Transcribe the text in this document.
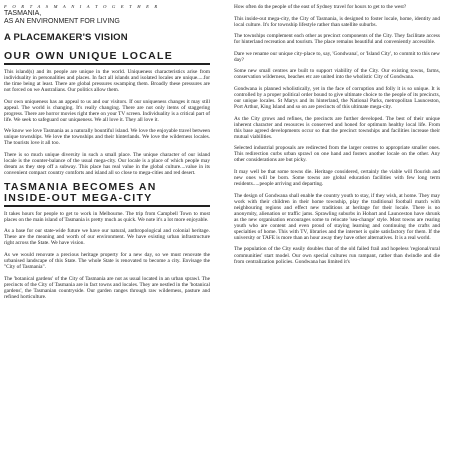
F O R T A S M A N I A T O G E T H E R

TASMANIA,

AS AN ENVIRONMENT FOR LIVING

A PLACEMAKER'S VISION
OUR OWN UNIQUE LOCALE

This island(s) and its people are unique in the world. Uniqueness characteristics arise from individuality in personalities and places. In fact all islands and isolated locales are unique.....for the time being at least. There are global pressures swamping them. Broadly these pressures are not forced on we Australians. Our politics allow them.

Our own uniqueness has an appeal to us and our visitors. If our uniqueness changes it may still appeal. The world is changing. It's really changing. There are not only items of staggering progress. There are horror movies right there on your TV screen. Individuality is a critical part of life. We seek to safeguard our uniqueness. We all love it. They all love it.

We know we love Tasmania as a naturally bountiful island. We love the enjoyable travel between unique townships. We love the townships and their hinterlands. We love the wilderness locales. The tourists love it all too.

There is so much unique diversity in such a small place. The unique character of our island locale is the counter-balance of the usual mega-city. Our locale is a place of which people may dream as they step off a subway. This place has real value in the global culture....value in its convenient compact country comforts and island all so close to mega-cities and red desert.

TASMANIA BECOMES AN
INSIDE-OUT MEGA-CITY

It takes hours for people to get to work in Melbourne. The trip from Campbell Town to most places on the main island of Tasmania is pretty much as quick. We note it's a lot more enjoyable.

As a base for our state-wide future we have our natural, anthropological and colonial heritage. These are the meaning and worth of our environment. We have existing urban infrastructure right across the State. We have vision.

As we would renovate a precious heritage property for a new day, so we must renovate the urbanised landscape of this State. The whole State is renovated to become a city. Envisage the "City of Tasmania".

The 'botanical gardens' of the City of Tasmania are not as usual located in an urban sprawl. The precincts of the City of Tasmania are in fact towns and locales. They are nestled in the 'botanical gardens', the Tasmanian countryside. Our garden ranges through raw wilderness, pasture and refined horticulture.

How often do the people of the east of Sydney travel for hours to get to the west?

This inside-out mega-city, the City of Tasmania, is designed to foster locale, home, identity and local culture. It's for township lifestyle rather than satellite suburbs.

The townships complement each other as precinct components of the City. They facilitate access for hinterland recreation and tourism. The place remains beautiful and conveniently accessible.

Dare we rename our unique city-place to, say, 'Gondwana', or 'Island City', to commit to this new day?

Some new small centres are built to support viability of the City. Our existing towns, farms, conservation wilderness, beaches etc are united into the wholistic City of Gondwana.

Gondwana is planned wholistically, yet in the face of corruption and folly it is so unique. It is controlled by a proper political order bound to give ultimate choice to the people of its precincts, our unique locales. St Marys and its hinterland, the National Parks, metropolitan Launceston, Port Arthur, King Island and so on are precincts of this ultimate mega-city.

As the City grows and refines, the precincts are further developed. The best of their unique inherent character and resources is conserved and honed for optimum healthy local life. From this base agreed developments occur so that the precinct townships and facilities increase their mutual viabilities.

Selected industrial proposals are redirected from the larger centres to appropriate smaller ones. This redirection curbs urban sprawl on one hand and fosters another locale on the other. Any other considerations are but picky.

It may well be that some towns die. Heritage considered, certainly the viable will flourish and new ones will be born. Some towns are global education facilities with few long term residents.....people arriving and departing.

The design of Gondwana shall enable the country youth to stay, if they wish, at home. They may work with their children in their home township, play the traditional football match with neighbouring regions and effect new traditions at heritage for their locale. There is no anonymity, alienation or traffic jams. Sprawling suburbs in Hobart and Launceston have shrunk as the new organisation encourages some to relocate 'sea-change' style. Most towns are rearing youth who are content and even proud of staying learning and continuing the crafts and specialties of home. This with TV, libraries and the internet is quite satisfactory for them. If the university or TAFE is more than an hour away they have other alternatives. It is a real world.

The population of the City easily doubles that of the old failed frail and hopeless 'regional/rural communities' start model. Our own special cultures run rampant, rather than dwindle and die from centralization policies. Gondwana has limited it's
